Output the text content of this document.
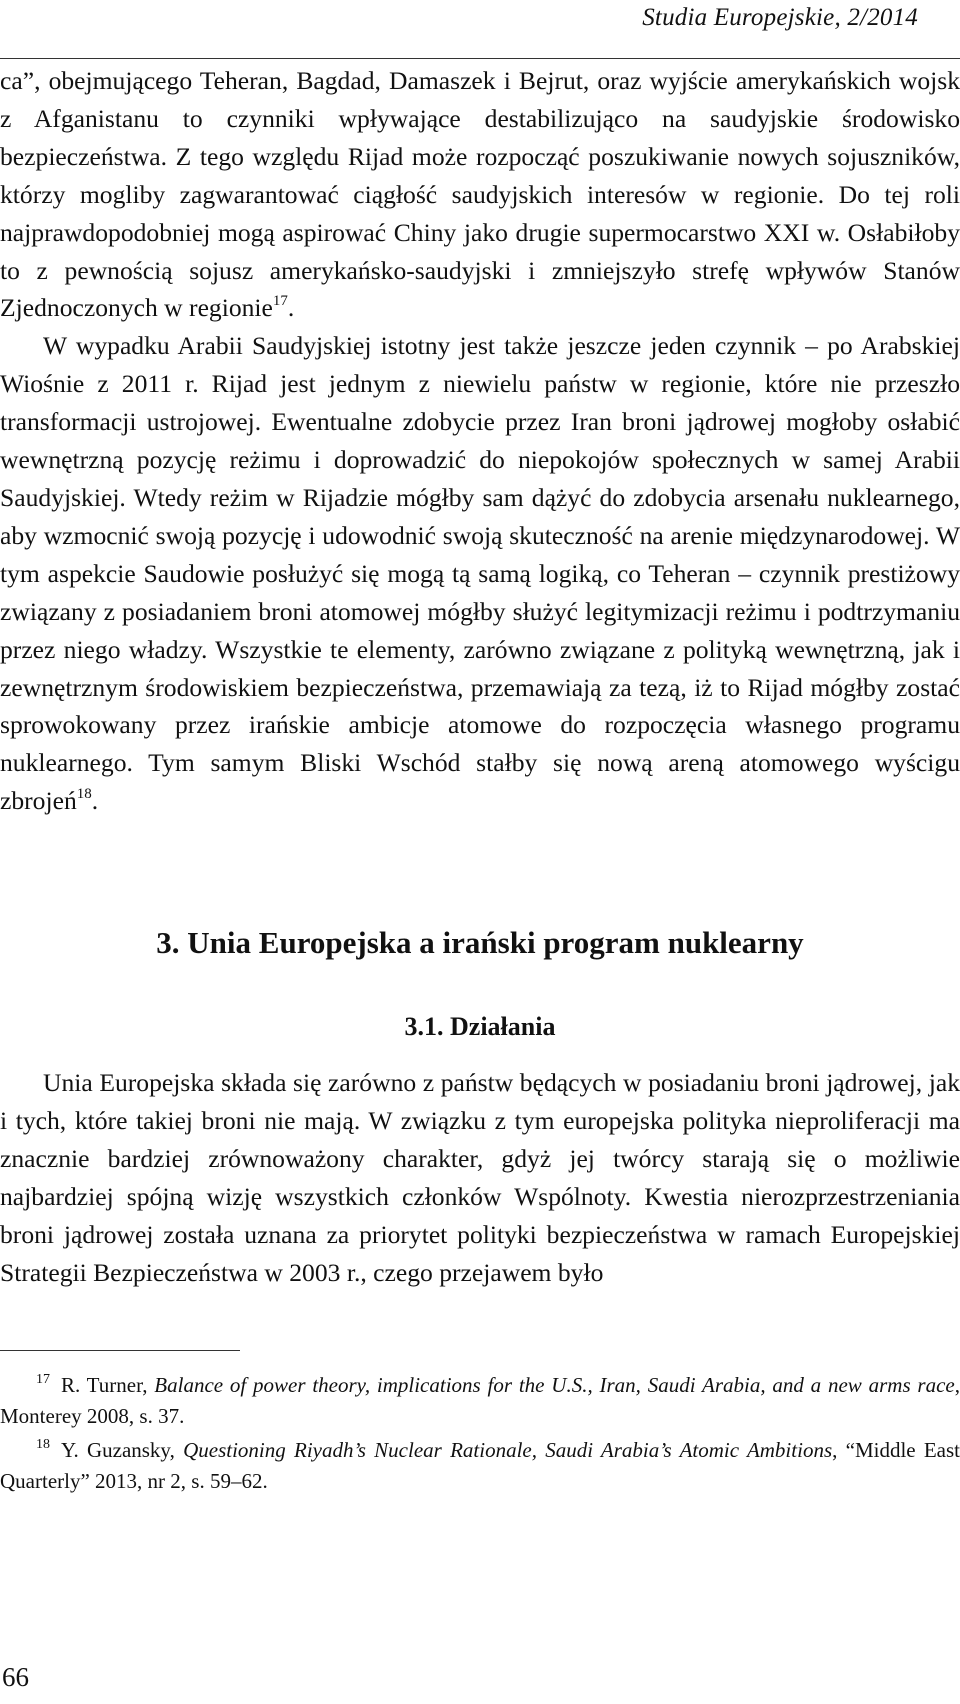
Studia Europejskie, 2/2014

ca”, obejmującego Teheran, Bagdad, Damaszek i Bejrut, oraz wyjście amerykańskich wojsk z Afganistanu to czynniki wpływające destabilizująco na saudyjskie środowisko bezpieczeństwa. Z tego względu Rijad może rozpocząć poszukiwanie nowych sojuszników, którzy mogliby zagwarantować ciągłość saudyjskich interesów w regionie. Do tej roli najprawdopodobniej mogą aspirować Chiny jako drugie supermocarstwo XXI w. Osłabiłoby to z pewnością sojusz amerykańsko-saudyjski i zmniejszyło strefę wpływów Stanów Zjednoczonych w regionie$^{17}$.

W wypadku Arabii Saudyjskiej istotny jest także jeszcze jeden czynnik – po Arabskiej Wiośnie z 2011 r. Rijad jest jednym z niewielu państw w regionie, które nie przeszło transformacji ustrojowej. Ewentualne zdobycie przez Iran broni jądrowej mogłoby osłabić wewnętrzną pozycję reżimu i doprowadzić do niepokojów społecznych w samej Arabii Saudyjskiej. Wtedy reżim w Rijadzie mógłby sam dążyć do zdobycia arsenału nuklearnego, aby wzmocnić swoją pozycję i udowodnić swoją skuteczność na arenie międzynarodowej. W tym aspekcie Saudowie posłużyć się mogą tą samą logiką, co Teheran – czynnik prestiżowy związany z posiadaniem broni atomowej mógłby służyć legitymizacji reżimu i podtrzymaniu przez niego władzy. Wszystkie te elementy, zarówno związane z polityką wewnętrzną, jak i zewnętrznym środowiskiem bezpieczeństwa, przemawiają za tezą, iż to Rijad mógłby zostać sprowokowany przez irańskie ambicje atomowe do rozpoczęcia własnego programu nuklearnego. Tym samym Bliski Wschód stałby się nową areną atomowego wyścigu zbrojeń$^{18}$.

3. Unia Europejska a irański program nuklearny
3.1. Działania

Unia Europejska składa się zarówno z państw będących w posiadaniu broni jądrowej, jak i tych, które takiej broni nie mają. W związku z tym europejska polityka nieproliferacji ma znacznie bardziej zrównoważony charakter, gdyż jej twórcy starają się o możliwie najbardziej spójną wizję wszystkich członków Wspólnoty. Kwestia nierozprzestrzeniania broni jądrowej została uznana za priorytet polityki bezpieczeństwa w ramach Europejskiej Strategii Bezpieczeństwa w 2003 r., czego przejawem było

$^{17}$ R. Turner, Balance of power theory, implications for the U.S., Iran, Saudi Arabia, and a new arms race, Monterey 2008, s. 37.

$^{18}$ Y. Guzansky, Questioning Riyadh’s Nuclear Rationale, Saudi Arabia’s Atomic Ambitions, “Middle East Quarterly” 2013, nr 2, s. 59–62.

66
